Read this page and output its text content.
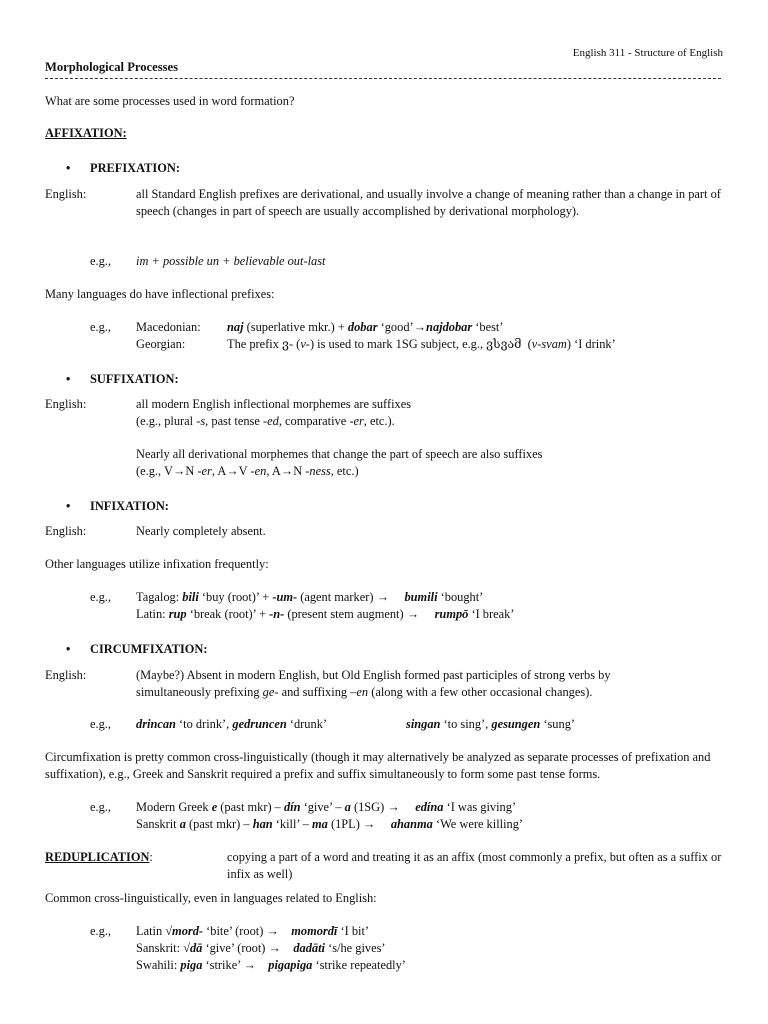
English 311 - Structure of English
Morphological Processes
What are some processes used in word formation?
AFFIXATION:
• PREFIXATION:
English:	all Standard English prefixes are derivational, and usually involve a change of meaning rather than a change in part of speech (changes in part of speech are usually accomplished by derivational morphology).
e.g., im + possible un + believable out-last
Many languages do have inflectional prefixes:
e.g., Macedonian: naj (superlative mkr.) + dobar ‘good’→najdobar ‘best’
Georgian:	The prefix ვ- (v-) is used to mark 1SG subject, e.g., ვსვამ  (v-svam) ‘I drink’
• SUFFIXATION:
English:	all modern English inflectional morphemes are suffixes
(e.g., plural -s, past tense -ed, comparative -er, etc.).
Nearly all derivational morphemes that change the part of speech are also suffixes
(e.g., V→N -er, A→V -en, A→N -ness, etc.)
• INFIXATION:
English:	Nearly completely absent.
Other languages utilize infixation frequently:
e.g., Tagalog: bili ‘buy (root)’ + -um- (agent marker) →     bumili ‘bought’
Latin: rup ‘break (root)’ + -n- (present stem augment) →     rumpō ‘I break’
• CIRCUMFIXATION:
English:	(Maybe?) Absent in modern English, but Old English formed past participles of strong verbs by simultaneously prefixing ge- and suffixing –en (along with a few other occasional changes).
e.g., drincan ‘to drink’, gedruncen ‘drunk’	singan ‘to sing’, gesungen ‘sung’
Circumfixation is pretty common cross-linguistically (though it may alternatively be analyzed as separate processes of prefixation and suffixation), e.g., Greek and Sanskrit required a prefix and suffix simultaneously to form some past tense forms.
e.g., Modern Greek e (past mkr) – dín ‘give’ – a (1SG) →     edína ‘I was giving’
Sanskrit a (past mkr) – han ‘kill’ – ma (1PL) →     ahanma ‘We were killing’
REDUPLICATION:	copying a part of a word and treating it as an affix (most commonly a prefix, but often as a suffix or infix as well)
Common cross-linguistically, even in languages related to English:
e.g., Latin √mord- ‘bite’ (root) →    momordī ‘I bit’
Sanskrit: √dā ‘give’ (root) →    dadāti ‘s/he gives’
Swahili: piga ‘strike’ →    pigapiga ‘strike repeatedly’
